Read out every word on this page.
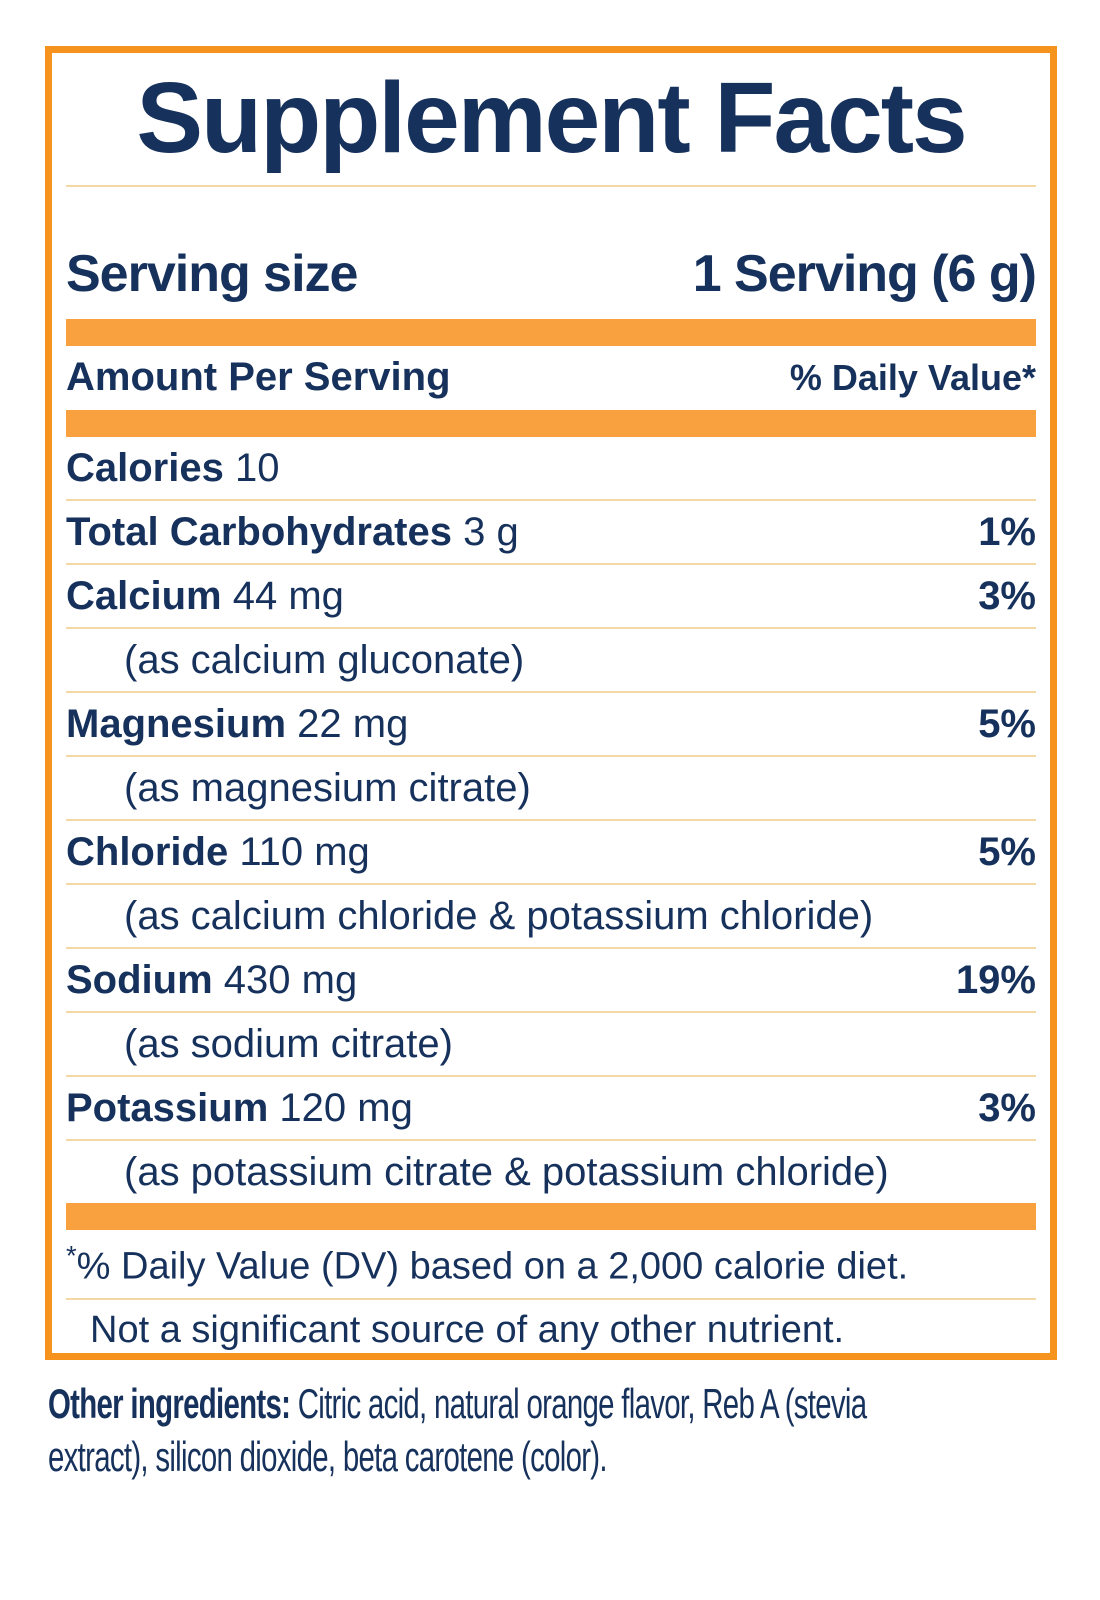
Supplement Facts
Serving size	1 Serving (6 g)
Amount Per Serving	% Daily Value*
Calories 10
Total Carbohydrates 3 g	1%
Calcium 44 mg	3%
(as calcium gluconate)
Magnesium 22 mg	5%
(as magnesium citrate)
Chloride 110 mg	5%
(as calcium chloride & potassium chloride)
Sodium 430 mg	19%
(as sodium citrate)
Potassium 120 mg	3%
(as potassium citrate & potassium chloride)
*% Daily Value (DV) based on a 2,000 calorie diet.
Not a significant source of any other nutrient.

Other ingredients: Citric acid, natural orange flavor, Reb A (stevia
extract), silicon dioxide, beta carotene (color).
